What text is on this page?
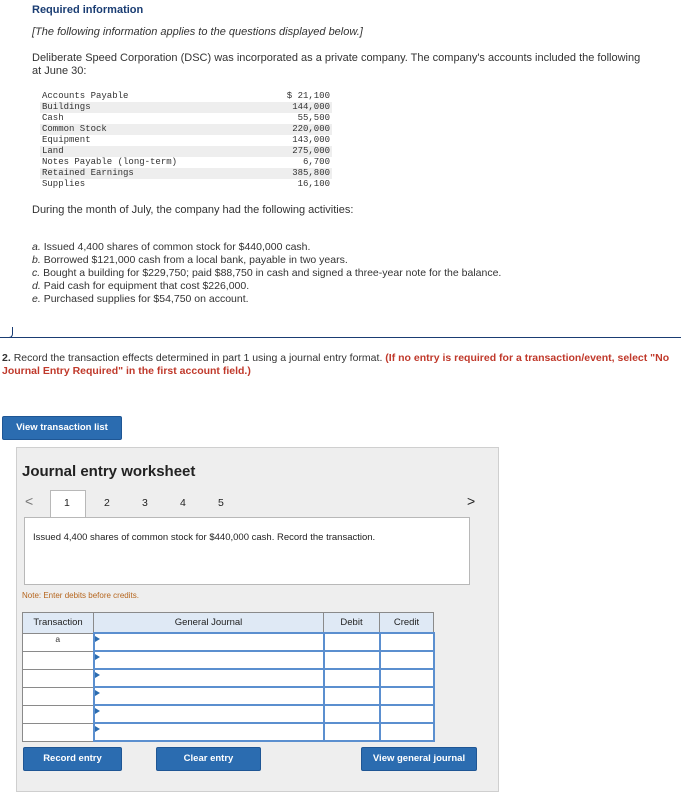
Required information
[The following information applies to the questions displayed below.]
Deliberate Speed Corporation (DSC) was incorporated as a private company. The company's accounts included the following at June 30:
Accounts Payable	$ 21,100
Buildings	144,000
Cash	55,500
Common Stock	220,000
Equipment	143,000
Land	275,000
Notes Payable (long-term)	6,700
Retained Earnings	385,800
Supplies	16,100
During the month of July, the company had the following activities:
a. Issued 4,400 shares of common stock for $440,000 cash.
b. Borrowed $121,000 cash from a local bank, payable in two years.
c. Bought a building for $229,750; paid $88,750 in cash and signed a three-year note for the balance.
d. Paid cash for equipment that cost $226,000.
e. Purchased supplies for $54,750 on account.
2. Record the transaction effects determined in part 1 using a journal entry format. (If no entry is required for a transaction/event, select "No Journal Entry Required" in the first account field.)
View transaction list
Journal entry worksheet
<	1	2	3	4	5	>
Issued 4,400 shares of common stock for $440,000 cash. Record the transaction.
Note: Enter debits before credits.
Transaction	General Journal	Debit	Credit
a	

Record entry	Clear entry	View general journal
